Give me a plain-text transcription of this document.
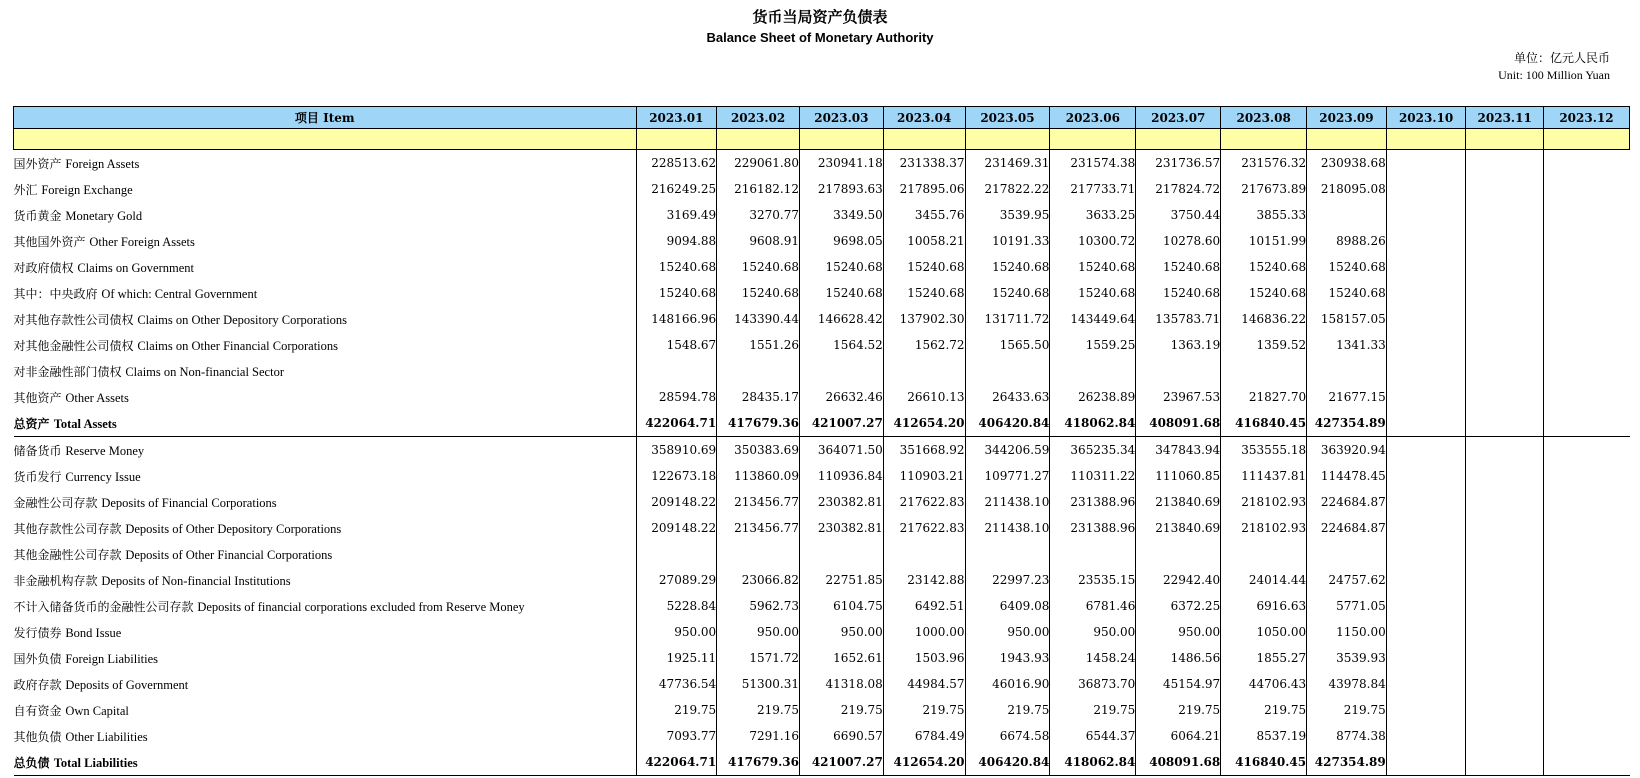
货币当局资产负债表
Balance Sheet of Monetary Authority
单位：亿元人民币
Unit: 100 Million Yuan
项目 Item	2023.01	2023.02	2023.03	2023.04	2023.05	2023.06	2023.07	2023.08	2023.09	2023.10	2023.11	2023.12

国外资产 Foreign Assets	228513.62	229061.80	230941.18	231338.37	231469.31	231574.38	231736.57	231576.32	230938.68			
外汇 Foreign Exchange	216249.25	216182.12	217893.63	217895.06	217822.22	217733.71	217824.72	217673.89	218095.08			
货币黄金 Monetary Gold	3169.49	3270.77	3349.50	3455.76	3539.95	3633.25	3750.44	3855.33				
其他国外资产 Other Foreign Assets	9094.88	9608.91	9698.05	10058.21	10191.33	10300.72	10278.60	10151.99	8988.26			
对政府债权 Claims on Government	15240.68	15240.68	15240.68	15240.68	15240.68	15240.68	15240.68	15240.68	15240.68			
其中：中央政府 Of which: Central Government	15240.68	15240.68	15240.68	15240.68	15240.68	15240.68	15240.68	15240.68	15240.68			
对其他存款性公司债权 Claims on Other Depository Corporations	148166.96	143390.44	146628.42	137902.30	131711.72	143449.64	135783.71	146836.22	158157.05			
对其他金融性公司债权 Claims on Other Financial Corporations	1548.67	1551.26	1564.52	1562.72	1565.50	1559.25	1363.19	1359.52	1341.33			
对非金融性部门债权 Claims on Non-financial Sector												
其他资产 Other Assets	28594.78	28435.17	26632.46	26610.13	26433.63	26238.89	23967.53	21827.70	21677.15			
总资产 Total Assets	422064.71	417679.36	421007.27	412654.20	406420.84	418062.84	408091.68	416840.45	427354.89			
储备货币 Reserve Money	358910.69	350383.69	364071.50	351668.92	344206.59	365235.34	347843.94	353555.18	363920.94			
货币发行 Currency Issue	122673.18	113860.09	110936.84	110903.21	109771.27	110311.22	111060.85	111437.81	114478.45			
金融性公司存款 Deposits of Financial Corporations	209148.22	213456.77	230382.81	217622.83	211438.10	231388.96	213840.69	218102.93	224684.87			
其他存款性公司存款 Deposits of Other Depository Corporations	209148.22	213456.77	230382.81	217622.83	211438.10	231388.96	213840.69	218102.93	224684.87			
其他金融性公司存款 Deposits of Other Financial Corporations												
非金融机构存款 Deposits of Non-financial Institutions	27089.29	23066.82	22751.85	23142.88	22997.23	23535.15	22942.40	24014.44	24757.62			
不计入储备货币的金融性公司存款 Deposits of financial corporations excluded from Reserve Money	5228.84	5962.73	6104.75	6492.51	6409.08	6781.46	6372.25	6916.63	5771.05			
发行债券 Bond Issue	950.00	950.00	950.00	1000.00	950.00	950.00	950.00	1050.00	1150.00			
国外负债 Foreign Liabilities	1925.11	1571.72	1652.61	1503.96	1943.93	1458.24	1486.56	1855.27	3539.93			
政府存款 Deposits of Government	47736.54	51300.31	41318.08	44984.57	46016.90	36873.70	45154.97	44706.43	43978.84			
自有资金 Own Capital	219.75	219.75	219.75	219.75	219.75	219.75	219.75	219.75	219.75			
其他负债 Other Liabilities	7093.77	7291.16	6690.57	6784.49	6674.58	6544.37	6064.21	8537.19	8774.38			
总负债 Total Liabilities	422064.71	417679.36	421007.27	412654.20	406420.84	418062.84	408091.68	416840.45	427354.89			
